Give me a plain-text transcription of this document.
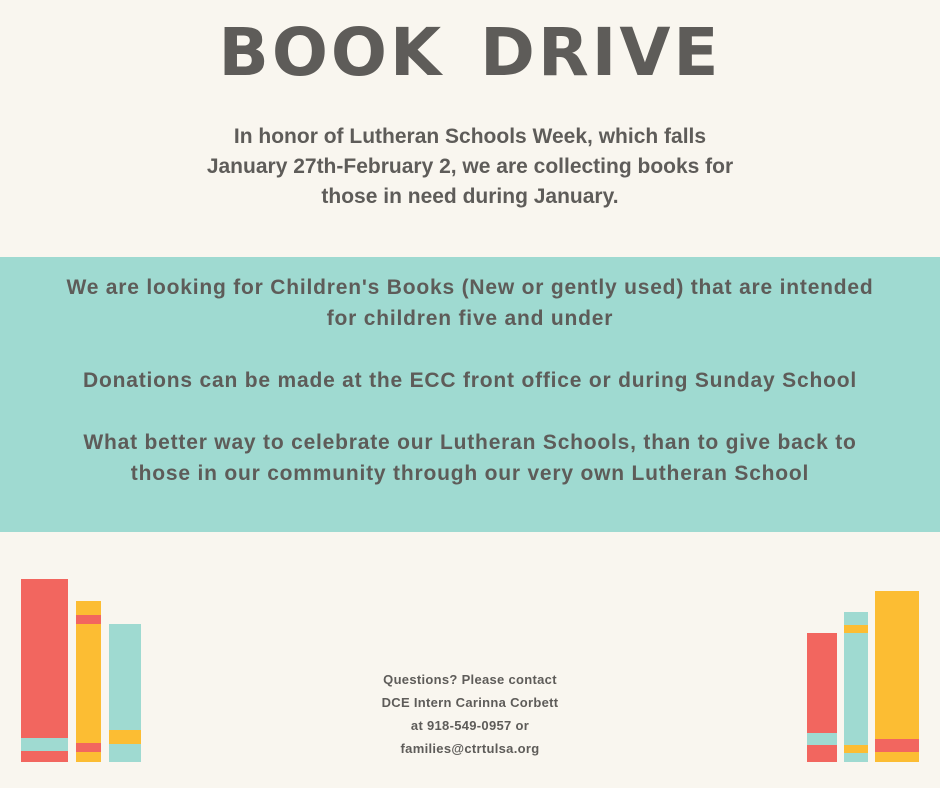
BOOK DRIVE
In honor of Lutheran Schools Week, which falls
January 27th-February 2, we are collecting books for
those in need during January.

We are looking for Children's Books (New or gently used) that are intended
for children five and under

Donations can be made at the ECC front office or during Sunday School

What better way to celebrate our Lutheran Schools, than to give back to
those in our community through our very own Lutheran School

Questions? Please contact
DCE Intern Carinna Corbett
at 918-549-0957 or
families@ctrtulsa.org
